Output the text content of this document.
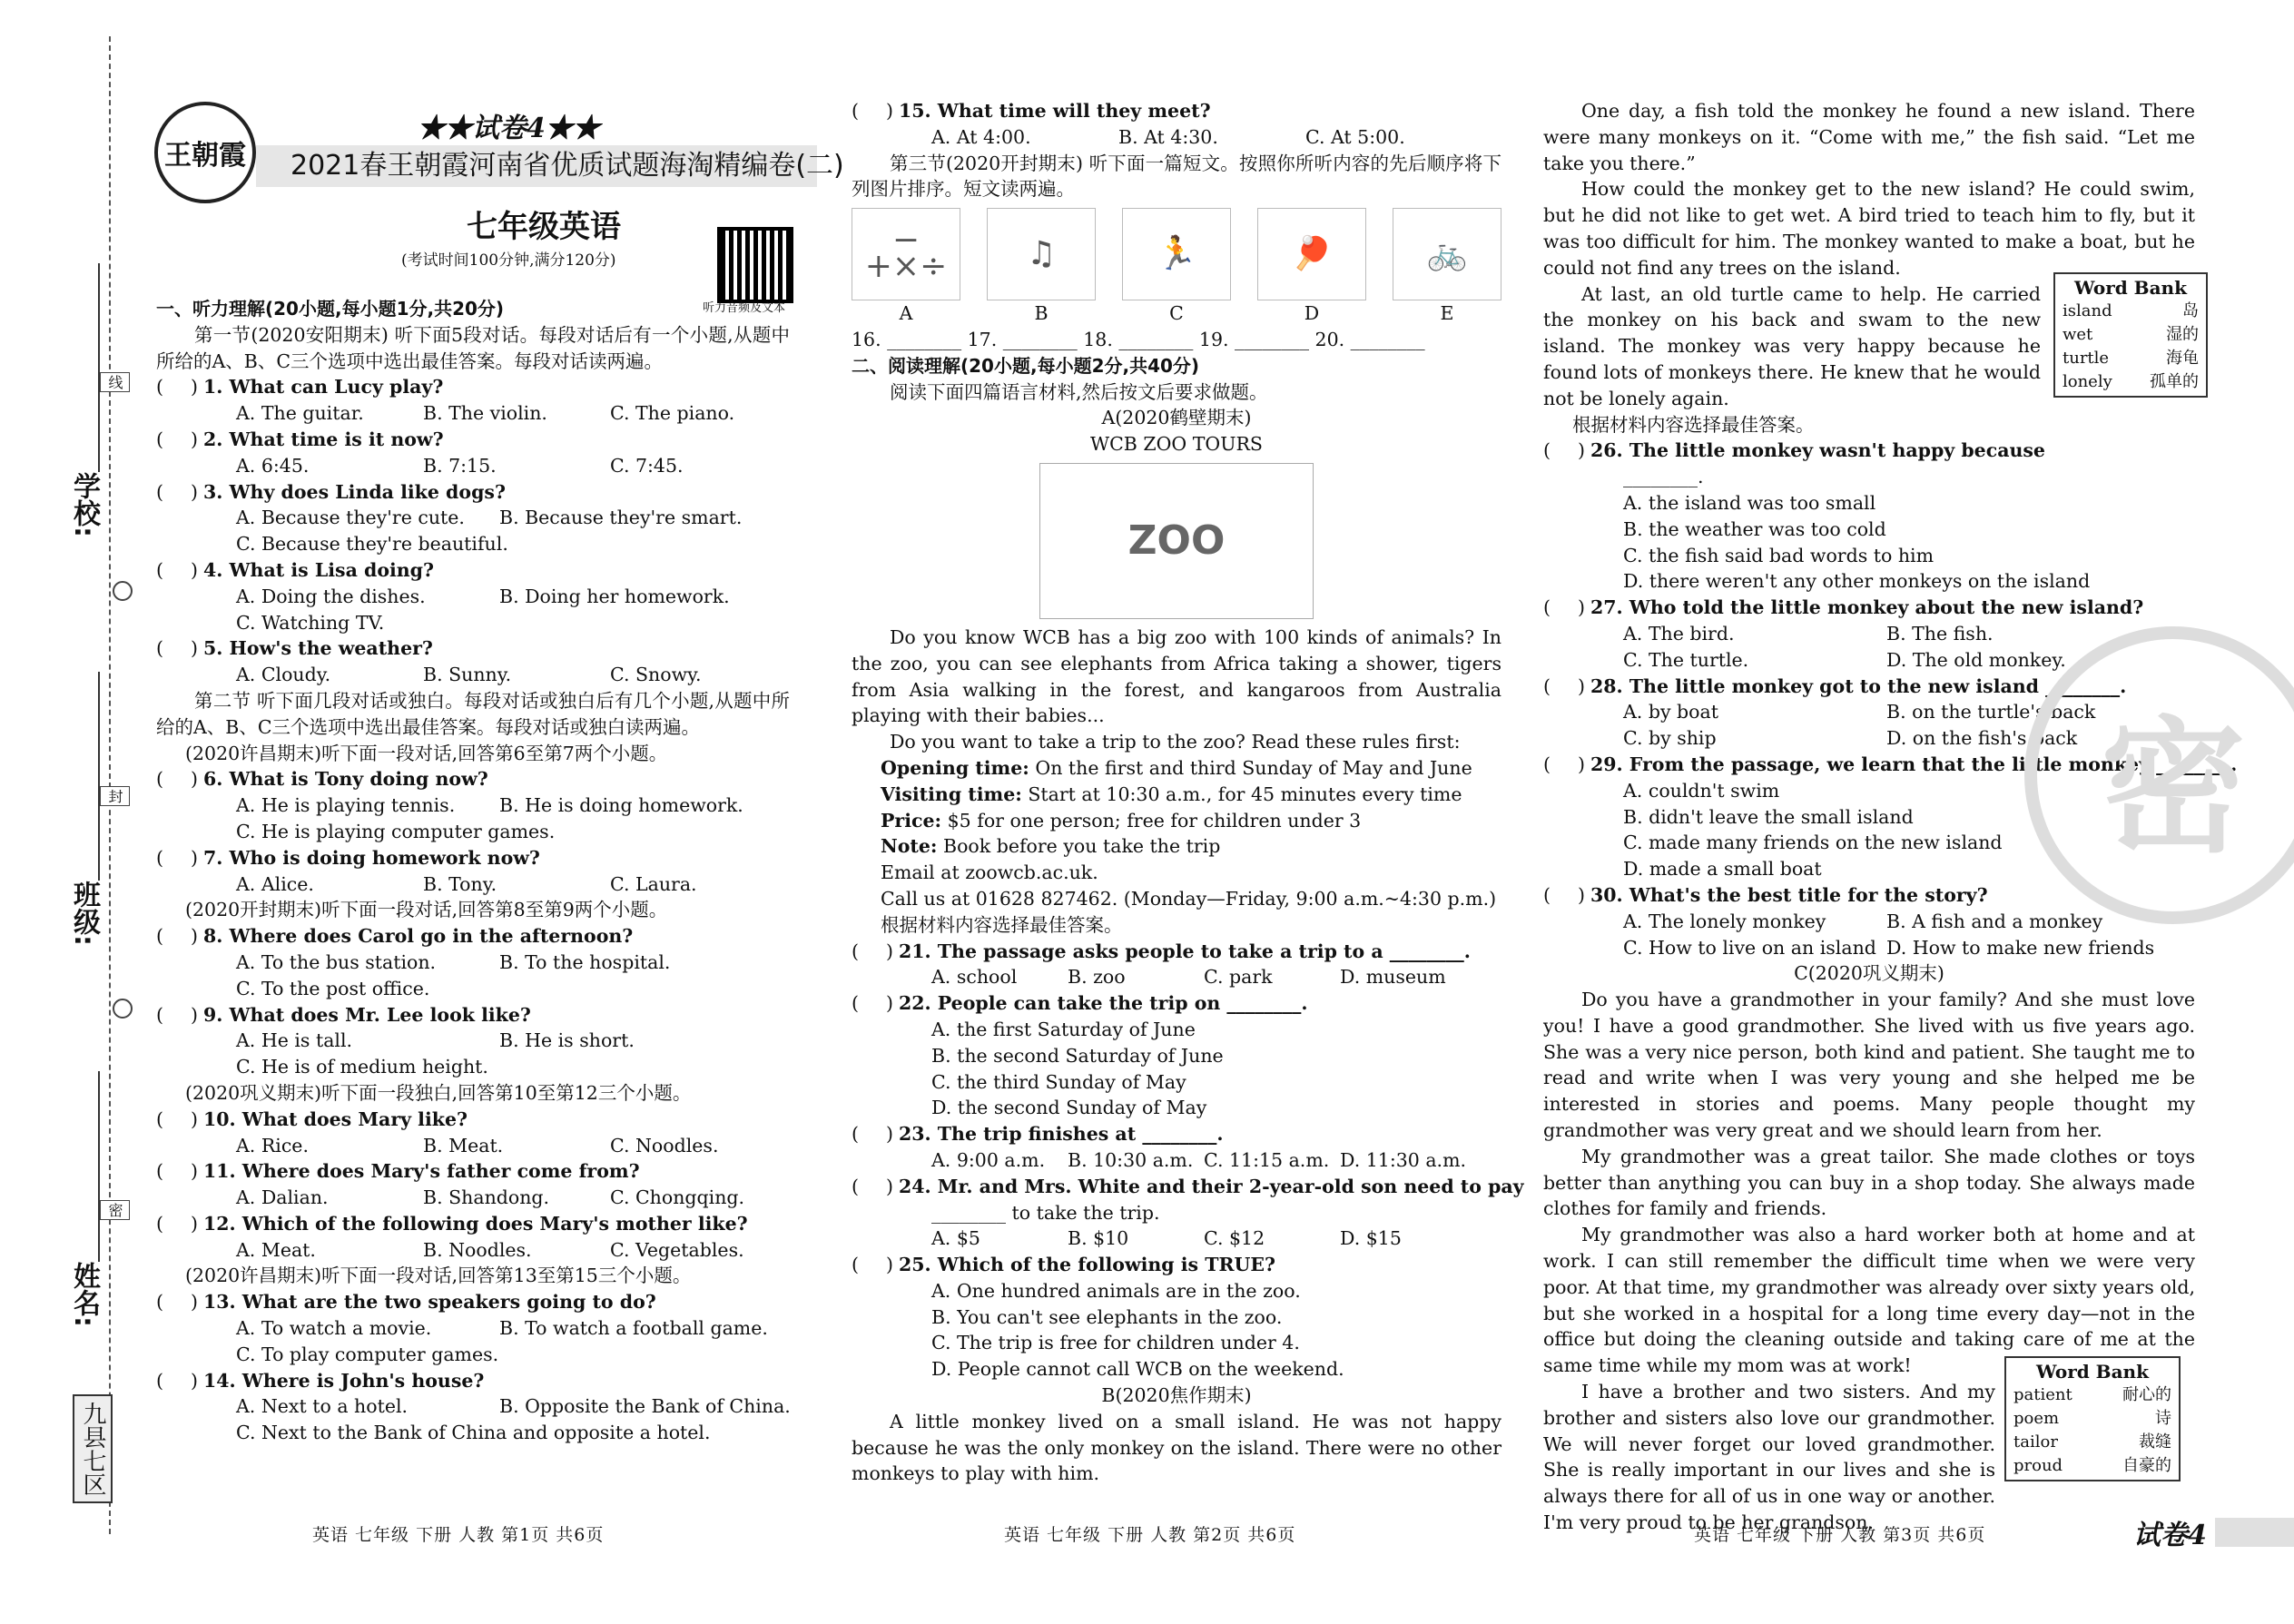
学校:
班级:
姓名:
线
封
密
九县七区
王朝霞
★★试卷4★★
2021春王朝霞河南省优质试题海淘精编卷(二)
七年级英语
(考试时间100分钟,满分120分)
听力音频及文本
一、听力理解(20小题,每小题1分,共20分)
第一节(2020安阳期末) 听下面5段对话。每段对话后有一个小题,从题中所给的A、B、C三个选项中选出最佳答案。每段对话读两遍。
( )1. What can Lucy play?
A. The guitar.	B. The violin.	C. The piano.
( )2. What time is it now?
A. 6:45.	B. 7:15.	C. 7:45.
( )3. Why does Linda like dogs?
A. Because they're cute. B. Because they're smart.
C. Because they're beautiful.
( )4. What is Lisa doing?
A. Doing the dishes.	B. Doing her homework.
C. Watching TV.
( )5. How's the weather?
A. Cloudy.	B. Sunny.	C. Snowy.
第二节 听下面几段对话或独白。每段对话或独白后有几个小题,从题中所给的A、B、C三个选项中选出最佳答案。每段对话或独白读两遍。
(2020许昌期末)听下面一段对话,回答第6至第7两个小题。
( )6. What is Tony doing now?
A. He is playing tennis. B. He is doing homework.
C. He is playing computer games.
( )7. Who is doing homework now?
A. Alice.	B. Tony.	C. Laura.
(2020开封期末)听下面一段对话,回答第8至第9两个小题。
( )8. Where does Carol go in the afternoon?
A. To the bus station.	B. To the hospital.
C. To the post office.
( )9. What does Mr. Lee look like?
A. He is tall.	B. He is short.
C. He is of medium height.
(2020巩义期末)听下面一段独白,回答第10至第12三个小题。
( )10. What does Mary like?
A. Rice.	B. Meat.	C. Noodles.
( )11. Where does Mary's father come from?
A. Dalian.	B. Shandong.	C. Chongqing.
( )12. Which of the following does Mary's mother like?
A. Meat.	B. Noodles.	C. Vegetables.
(2020许昌期末)听下面一段对话,回答第13至第15三个小题。
( )13. What are the two speakers going to do?
A. To watch a movie.	B. To watch a football game.
C. To play computer games.
( )14. Where is John's house?
A. Next to a hotel.	B. Opposite the Bank of China.
C. Next to the Bank of China and opposite a hotel.
( )15. What time will they meet?
A. At 4:00.	B. At 4:30.	C. At 5:00.
第三节(2020开封期末) 听下面一篇短文。按照你所听内容的先后顺序将下列图片排序。短文读两遍。
−+×÷
A
♫
B
🏃
C
🏓
D
🚲
E
16. ________ 17. ________ 18. ________ 19. ________ 20. ________
二、阅读理解(20小题,每小题2分,共40分)
阅读下面四篇语言材料,然后按文后要求做题。
A(2020鹤壁期末)
WCB ZOO TOURS
ZOO
Do you know WCB has a big zoo with 100 kinds of animals? In the zoo, you can see elephants from Africa taking a shower, tigers from Asia walking in the forest, and kangaroos from Australia playing with their babies...
Do you want to take a trip to the zoo? Read these rules first:
Opening time: On the first and third Sunday of May and June
Visiting time: Start at 10:30 a.m., for 45 minutes every time
Price: $5 for one person; free for children under 3
Note: Book before you take the trip
Email at zoowcb.ac.uk.
Call us at 01628 827462. (Monday—Friday, 9:00 a.m.~4:30 p.m.)
根据材料内容选择最佳答案。
( )21. The passage asks people to take a trip to a ________.
A. school	B. zoo	C. park	D. museum
( )22. People can take the trip on ________.
A. the first Saturday of June
B. the second Saturday of June
C. the third Sunday of May
D. the second Sunday of May
( )23. The trip finishes at ________.
A. 9:00 a.m. B. 10:30 a.m. C. 11:15 a.m. D. 11:30 a.m.
( )24. Mr. and Mrs. White and their 2-year-old son need to pay
________ to take the trip.
A. $5	B. $10	C. $12	D. $15
( )25. Which of the following is TRUE?
A. One hundred animals are in the zoo.
B. You can't see elephants in the zoo.
C. The trip is free for children under 4.
D. People cannot call WCB on the weekend.
B(2020焦作期末)
A little monkey lived on a small island. He was not happy because he was the only monkey on the island. There were no other monkeys to play with him.
One day, a fish told the monkey he found a new island. There were many monkeys on it. “Come with me,” the fish said. “Let me take you there.”
How could the monkey get to the new island? He could swim, but he did not like to get wet. A bird tried to teach him to fly, but it was too difficult for him. The monkey wanted to make a boat, but he could not find any trees on the island.
At last, an old turtle came to help. He carried the monkey on his back and swam to the new island. The monkey was very happy because he found lots of monkeys there. He knew that he would not be lonely again.
根据材料内容选择最佳答案。
( )26. The little monkey wasn't happy because
________.
A. the island was too small
B. the weather was too cold
C. the fish said bad words to him
D. there weren't any other monkeys on the island
( )27. Who told the little monkey about the new island?
A. The bird.	B. The fish.
C. The turtle.	D. The old monkey.
( )28. The little monkey got to the new island ________.
A. by boat	B. on the turtle's back
C. by ship	D. on the fish's back
( )29. From the passage, we learn that the little monkey ________.
A. couldn't swim
B. didn't leave the small island
C. made many friends on the new island
D. made a small boat
( )30. What's the best title for the story?
A. The lonely monkey	B. A fish and a monkey
C. How to live on an island D. How to make new friends
C(2020巩义期末)
Do you have a grandmother in your family? And she must love you! I have a good grandmother. She lived with us five years ago. She was a very nice person, both kind and patient. She taught me to read and write when I was very young and she helped me be interested in stories and poems. Many people thought my grandmother was very great and we should learn from her.
My grandmother was a great tailor. She made clothes or toys better than anything you can buy in a shop today. She always made clothes for family and friends.
My grandmother was also a hard worker both at home and at work. I can still remember the difficult time when we were very poor. At that time, my grandmother was already over sixty years old, but she worked in a hospital for a long time every day—not in the office but doing the cleaning outside and taking care of me at the same time while my mom was at work!
I have a brother and two sisters. And my brother and sisters also love our grandmother. We will never forget our loved grandmother. She is really important in our lives and she is always there for all of us in one way or another. I'm very proud to be her grandson.
Word Bank
island	岛
wet	湿的
turtle	海龟
lonely 孤单的
Word Bank
patient	耐心的
poem	诗
tailor	裁缝
proud	自豪的
密
英语 七年级 下册 人教 第1页 共6页	英语 七年级 下册 人教 第2页 共6页	英语 七年级 下册 人教 第3页 共6页	试卷4
